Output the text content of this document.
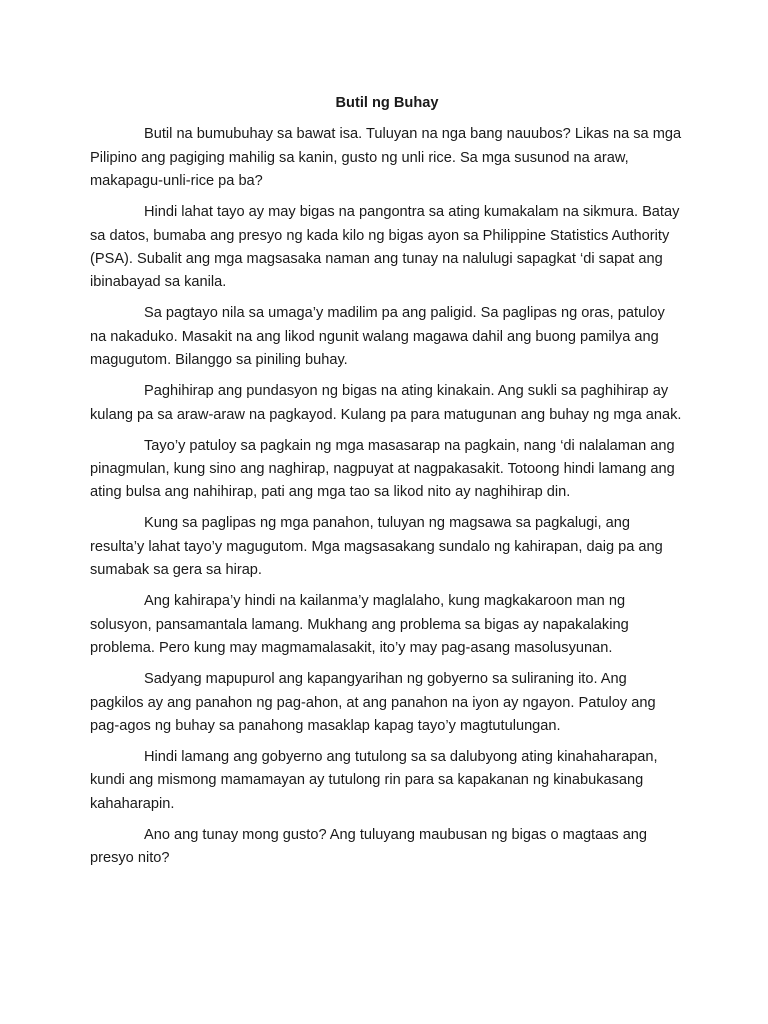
Butil ng Buhay

Butil na bumubuhay sa bawat isa. Tuluyan na nga bang nauubos? Likas na sa mga Pilipino ang pagiging mahilig sa kanin, gusto ng unli rice. Sa mga susunod na araw, makapagu-unli-rice pa ba?

Hindi lahat tayo ay may bigas na pangontra sa ating kumakalam na sikmura. Batay sa datos, bumaba ang presyo ng kada kilo ng bigas ayon sa Philippine Statistics Authority (PSA). Subalit ang mga magsasaka naman ang tunay na nalulugi sapagkat ‘di sapat ang ibinabayad sa kanila.

Sa pagtayo nila sa umaga’y madilim pa ang paligid. Sa paglipas ng oras, patuloy na nakaduko. Masakit na ang likod ngunit walang magawa dahil ang buong pamilya ang magugutom. Bilanggo sa piniling buhay.

Paghihirap ang pundasyon ng bigas na ating kinakain. Ang sukli sa paghihirap ay kulang pa sa araw-araw na pagkayod. Kulang pa para matugunan ang buhay ng mga anak.

Tayo’y patuloy sa pagkain ng mga masasarap na pagkain, nang ‘di nalalaman ang pinagmulan, kung sino ang naghirap, nagpuyat at nagpakasakit. Totoong hindi lamang ang ating bulsa ang nahihirap, pati ang mga tao sa likod nito ay naghihirap din.

Kung sa paglipas ng mga panahon, tuluyan ng magsawa sa pagkalugi, ang resulta’y lahat tayo’y magugutom. Mga magsasakang sundalo ng kahirapan, daig pa ang sumabak sa gera sa hirap.

Ang kahirapa’y hindi na kailanma’y maglalaho, kung magkakaroon man ng solusyon, pansamantala lamang. Mukhang ang problema sa bigas ay napakalaking problema. Pero kung may magmamalasakit, ito’y may pag-asang masolusyunan.

Sadyang mapupurol ang kapangyarihan ng gobyerno sa suliraning ito. Ang pagkilos ay ang panahon ng pag-ahon, at ang panahon na iyon ay ngayon. Patuloy ang pag-agos ng buhay sa panahong masaklap kapag tayo’y magtutulungan.

Hindi lamang ang gobyerno ang tutulong sa sa dalubyong ating kinahaharapan, kundi ang mismong mamamayan ay tutulong rin para sa kapakanan ng kinabukasang kahaharapin.

Ano ang tunay mong gusto? Ang tuluyang maubusan ng bigas o magtaas ang presyo nito?
